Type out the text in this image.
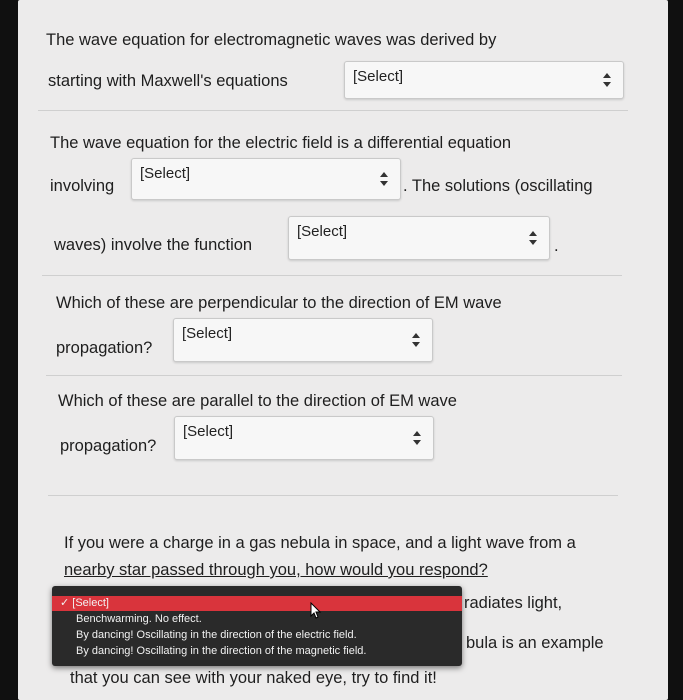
The wave equation for electromagnetic waves was derived by
starting with Maxwell's equations	[Select]
The wave equation for the electric field is a differential equation
involving
[Select]
. The solutions (oscillating
waves) involve the function
[Select]
.
Which of these are perpendicular to the direction of EM wave
propagation?
[Select]
Which of these are parallel to the direction of EM wave
propagation?
[Select]
If you were a charge in a gas nebula in space, and a light wave from a
nearby star passed through you, how would you respond?
radiates light,
bula is an example
that you can see with your naked eye, try to find it!
✓ [Select]
Benchwarming. No effect.
By dancing! Oscillating in the direction of the electric field.
By dancing! Oscillating in the direction of the magnetic field.
